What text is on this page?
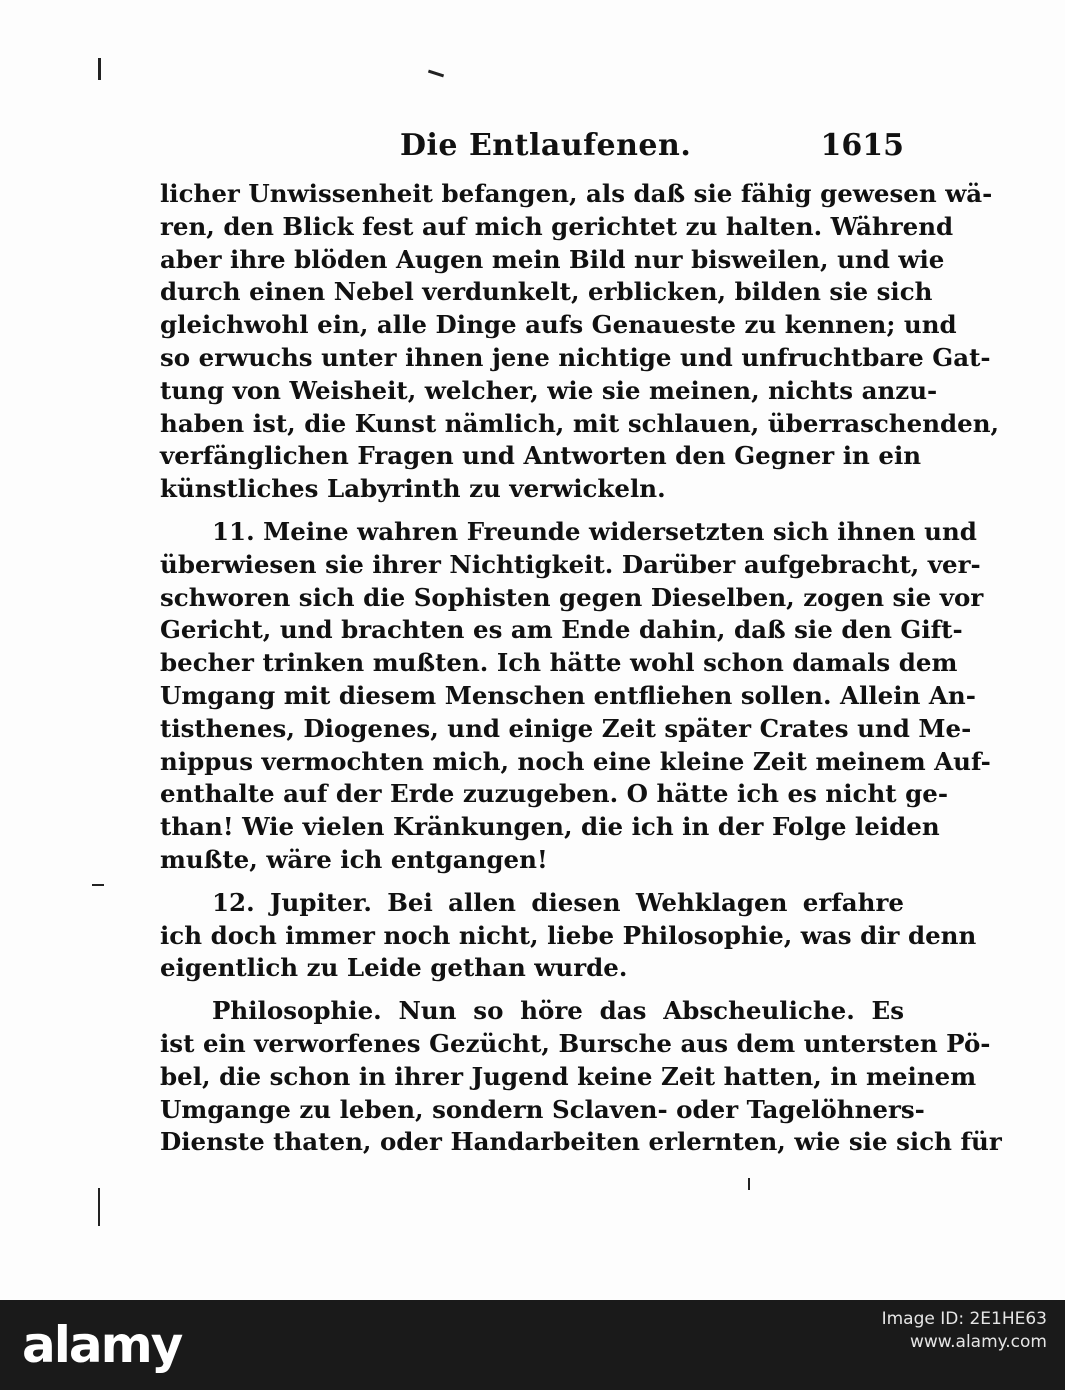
Die Entlaufenen.	1615
licher Unwissenheit befangen, als daß sie fähig gewesen wä-
ren, den Blick fest auf mich gerichtet zu halten. Während
aber ihre blöden Augen mein Bild nur bisweilen, und wie
durch einen Nebel verdunkelt, erblicken, bilden sie sich
gleichwohl ein, alle Dinge aufs Genaueste zu kennen; und
so erwuchs unter ihnen jene nichtige und unfruchtbare Gat-
tung von Weisheit, welcher, wie sie meinen, nichts anzu-
haben ist, die Kunst nämlich, mit schlauen, überraschenden,
verfänglichen Fragen und Antworten den Gegner in ein
künstliches Labyrinth zu verwickeln.
11. Meine wahren Freunde widersetzten sich ihnen und
überwiesen sie ihrer Nichtigkeit. Darüber aufgebracht, ver-
schworen sich die Sophisten gegen Dieselben, zogen sie vor
Gericht, und brachten es am Ende dahin, daß sie den Gift-
becher trinken mußten. Ich hätte wohl schon damals dem
Umgang mit diesem Menschen entfliehen sollen. Allein An-
tisthenes, Diogenes, und einige Zeit später Crates und Me-
nippus vermochten mich, noch eine kleine Zeit meinem Auf-
enthalte auf der Erde zuzugeben. O hätte ich es nicht ge-
than! Wie vielen Kränkungen, die ich in der Folge leiden
mußte, wäre ich entgangen!
12. Jupiter. Bei allen diesen Wehklagen erfahre
ich doch immer noch nicht, liebe Philosophie, was dir denn
eigentlich zu Leide gethan wurde.
Philosophie. Nun so höre das Abscheuliche. Es
ist ein verworfenes Gezücht, Bursche aus dem untersten Pö-
bel, die schon in ihrer Jugend keine Zeit hatten, in meinem
Umgange zu leben, sondern Sclaven- oder Tagelöhners-
Dienste thaten, oder Handarbeiten erlernten, wie sie sich für
alamy	Image ID: 2E1HE63
www.alamy.com
